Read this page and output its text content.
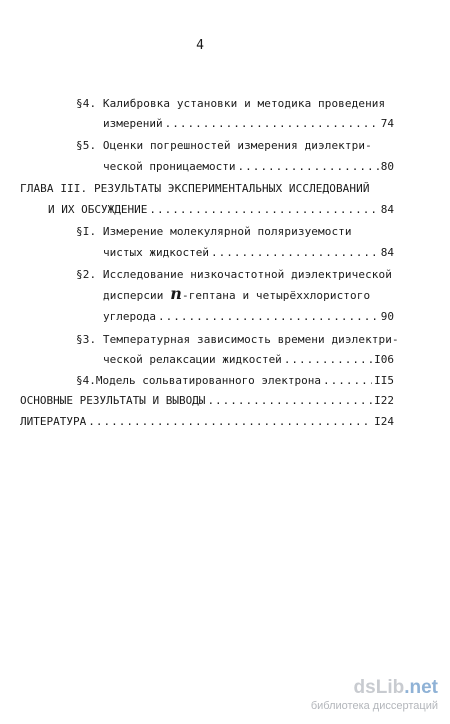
4
§4. Калибровка установки и методика проведения
измерений .....	74
§5. Оценки погрешностей измерения диэлектри-
ческой проницаемости .....	80
ГЛАВА III. РЕЗУЛЬТАТЫ ЭКСПЕРИМЕНТАЛЬНЫХ ИССЛЕДОВАНИЙ
И ИХ ОБСУЖДЕНИЕ .....	84
§I. Измерение молекулярной поляризуемости
чистых жидкостей .....	84
§2. Исследование низкочастотной диэлектрической
дисперсии n-гептана и четырёххлористого
углерода .....	90
§3. Температурная зависимость времени диэлектри-
ческой релаксации жидкостей .....	I06
§4.Модель сольватированного электрона .....	II5
ОСНОВНЫЕ РЕЗУЛЬТАТЫ И ВЫВОДЫ .....	I22
ЛИТЕРАТУРА .....	I24
dsLib.net
библиотека диссертаций
